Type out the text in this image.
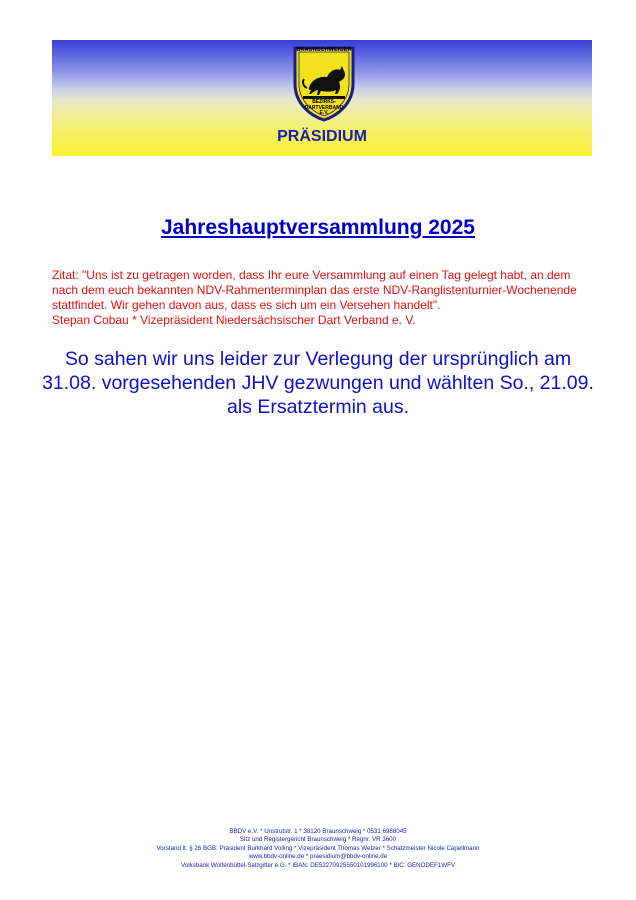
BRAUNSCHWEIGER
BEZIRKS-
DARTVERBAND
E.V.
PRÄSIDIUM
Jahreshauptversammlung 2025
Zitat: "Uns ist zu getragen worden, dass Ihr eure Versammlung auf einen Tag gelegt habt, an dem nach dem euch bekannten NDV-Rahmenterminplan das erste NDV-Ranglistenturnier-Wochenende stattfindet. Wir gehen davon aus, dass es sich um ein Versehen handelt".
Stepan Cobau * Vizepräsident Niedersächsischer Dart Verband e. V.
So sahen wir uns leider zur Verlegung der ursprünglich am 31.08. vorgesehenden JHV gezwungen und wählten So., 21.09. als Ersatztermin aus.
BBDV e.V. * Unstrutstr. 1 * 38120 Braunschweig * 0531 6988045
Sitz und Registergericht Braunschweig * Regnr. VR 3600
Vorstand lt. § 26 BGB: Präsident Burkhard Volling * Vizepräsident Thomas Wetzer * Schatzmeister Nicole Capellmann
www.bbdv-online.de * praesidium@bbdv-online.de
Volksbank Wolfenbüttel-Salzgitter e.G. * IBAN: DE52270925550101996100 * BIC: GENODEF1WFV
